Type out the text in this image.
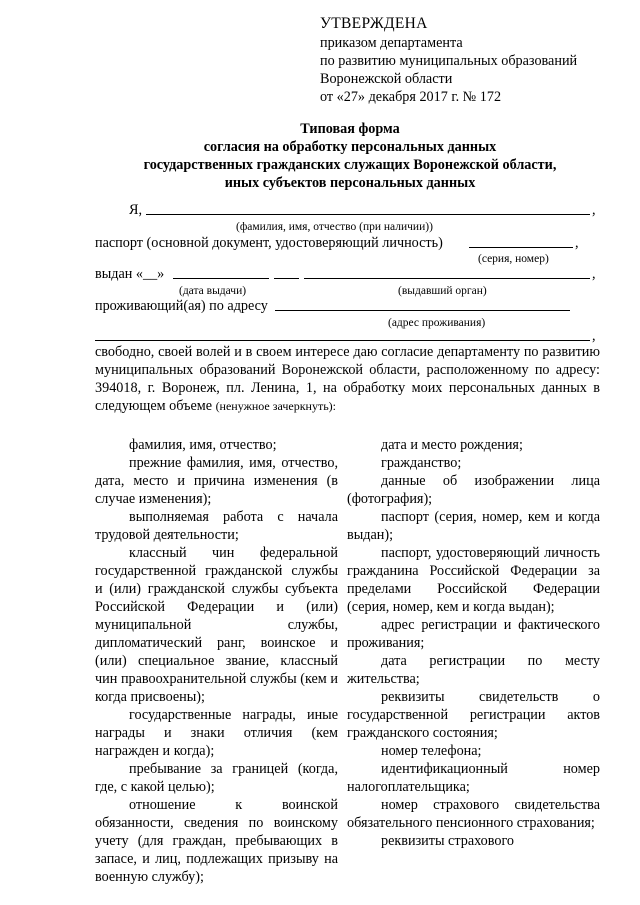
УТВЕРЖДЕНА
приказом департамента
по развитию муниципальных образований
Воронежской области
от «27» декабря 2017 г. № 172
Типовая форма
согласия на обработку персональных данных
государственных гражданских служащих Воронежской области,
иных субъектов персональных данных
Я,	,
(фамилия, имя, отчество (при наличии))
паспорт (основной документ, удостоверяющий личность)	,
(серия, номер)
выдан «__»	,
(дата выдачи)	(выдавший орган)
проживающий(ая) по адресу
(адрес проживания)
,
свободно, своей волей и в своем интересе даю согласие департаменту по развитию муниципальных образований Воронежской области, расположенному по адресу: 394018, г. Воронеж, пл. Ленина, 1, на обработку моих персональных данных в следующем объеме (ненужное зачеркнуть):

фамилия, имя, отчество;

прежние фамилия, имя, отчество, дата, место и причина изменения (в случае изменения);

выполняемая работа с начала трудовой деятельности;

классный чин федеральной государственной гражданской службы и (или) гражданской службы субъекта Российской Федерации и (или) муниципальной службы, дипломатический ранг, воинское и (или) специальное звание, классный чин правоохранительной службы (кем и когда присвоены);

государственные награды, иные награды и знаки отличия (кем награжден и когда);

пребывание за границей (когда, где, с какой целью);

отношение к воинской обязанности, сведения по воинскому учету (для граждан, пребывающих в запасе, и лиц, подлежащих призыву на военную службу);

дата и место рождения;

гражданство;

данные об изображении лица (фотография);

паспорт (серия, номер, кем и когда выдан);

паспорт, удостоверяющий личность гражданина Российской Федерации за пределами Российской Федерации (серия, номер, кем и когда выдан);

адрес регистрации и фактического проживания;

дата регистрации по месту жительства;

реквизиты свидетельств о государственной регистрации актов гражданского состояния;

номер телефона;

идентификационный номер налогоплательщика;

номер страхового свидетельства обязательного пенсионного страхования;

реквизиты страхового
